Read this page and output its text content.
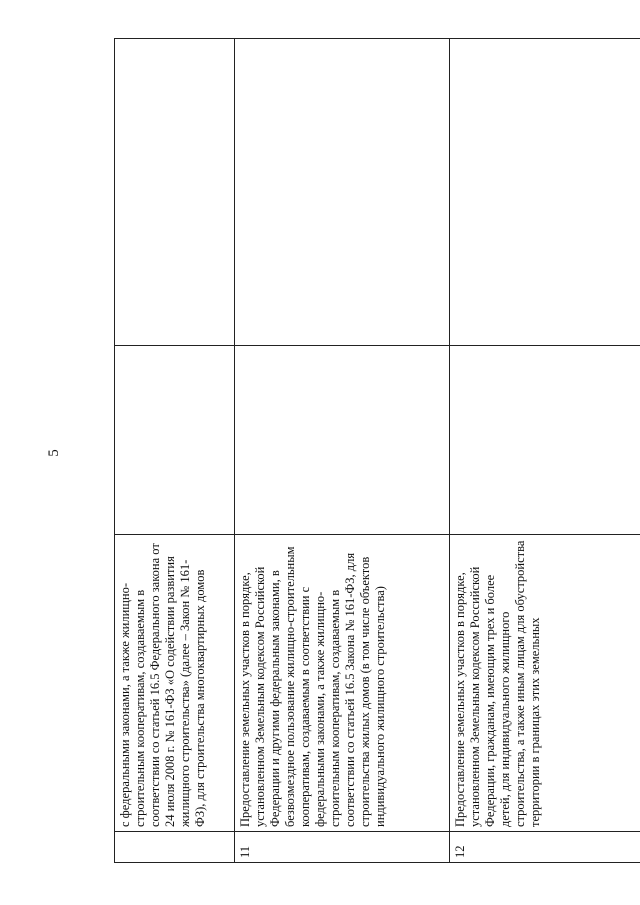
5

	с федеральными законами, а также жилищно-строительным кооперативам, создаваемым в соответствии со статьей 16.5 Федерального закона от 24 июля 2008 г. № 161-ФЗ «О содействии развития жилищного строительства» (далее – Закон № 161-ФЗ), для строительства многоквартирных домов		

11	Предоставление земельных участков в порядке, установленном Земельным кодексом Российской Федерации и другими федеральным законами, в безвозмездное пользование жилищно-строительным кооперативам, создаваемым в соответствии с федеральными законами, а также жилищно-строительным кооперативам, создаваемым в соответствии со статьей 16.5 Закона № 161-ФЗ, для строительства жилых домов (в том числе объектов индивидуального жилищного строительства)		

12	Предоставление земельных участков в порядке, установленном Земельным кодексом Российской Федерации, гражданам, имеющим трех и более детей, для индивидуального жилищного строительства, а также иным лицам для обустройства территории в границах этих земельных		
